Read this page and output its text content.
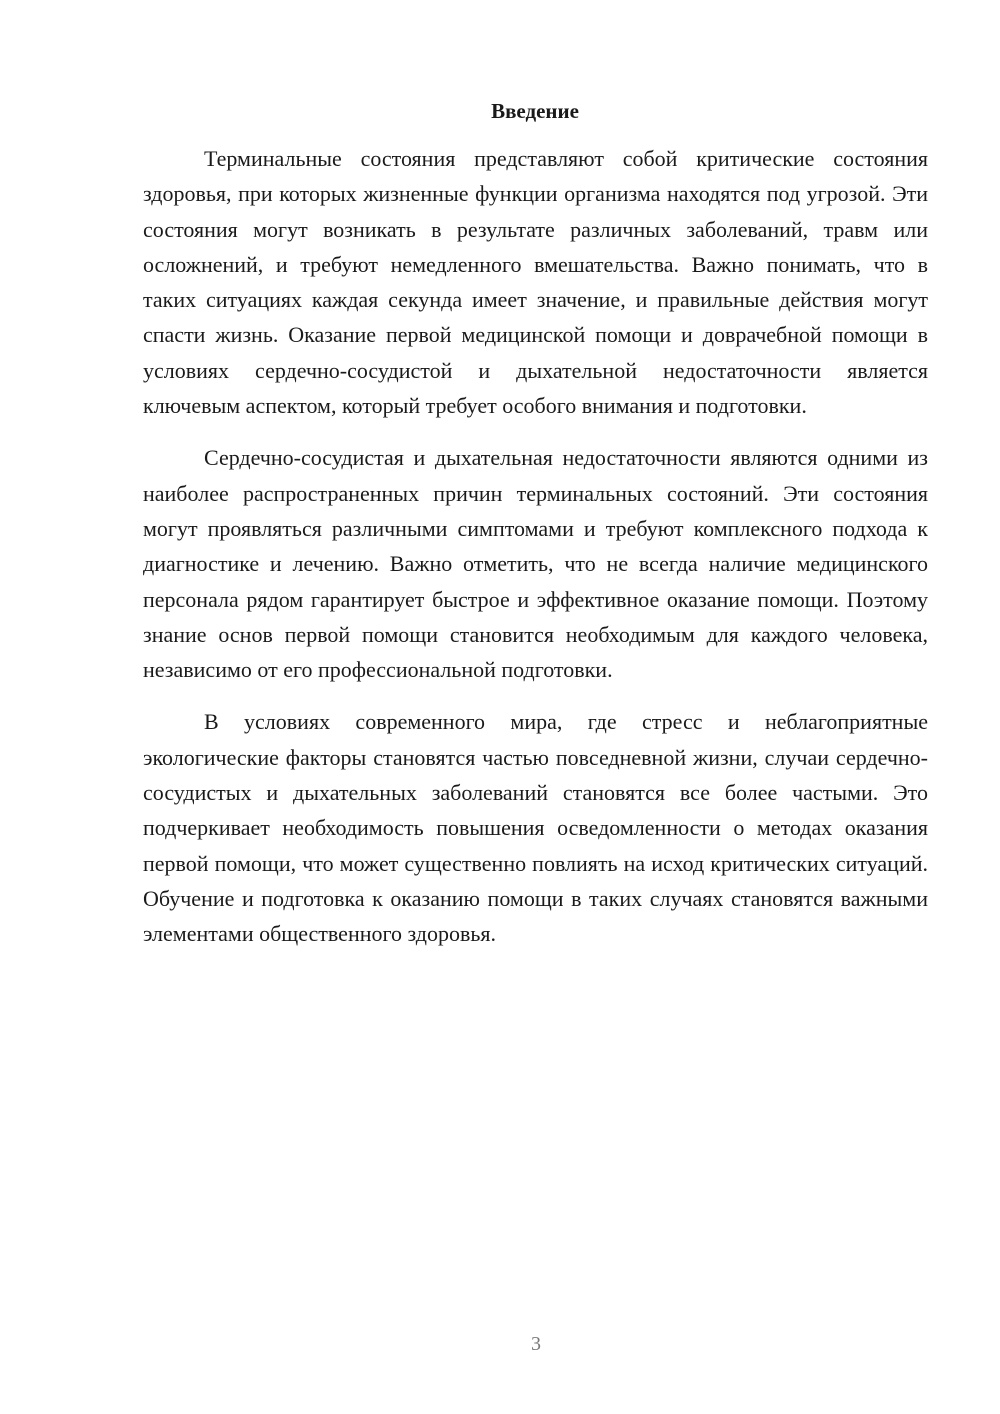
Введение

Терминальные состояния представляют собой критические состояния здоровья, при которых жизненные функции организма находятся под угрозой. Эти состояния могут возникать в результате различных заболеваний, травм или осложнений, и требуют немедленного вмешательства. Важно понимать, что в таких ситуациях каждая секунда имеет значение, и правильные действия могут спасти жизнь. Оказание первой медицинской помощи и доврачебной помощи в условиях сердечно-сосудистой и дыхательной недостаточности является ключевым аспектом, который требует особого внимания и подготовки.

Сердечно-сосудистая и дыхательная недостаточности являются одними из наиболее распространенных причин терминальных состояний. Эти состояния могут проявляться различными симптомами и требуют комплексного подхода к диагностике и лечению. Важно отметить, что не всегда наличие медицинского персонала рядом гарантирует быстрое и эффективное оказание помощи. Поэтому знание основ первой помощи становится необходимым для каждого человека, независимо от его профессиональной подготовки.

В условиях современного мира, где стресс и неблагоприятные экологические факторы становятся частью повседневной жизни, случаи сердечно-сосудистых и дыхательных заболеваний становятся все более частыми. Это подчеркивает необходимость повышения осведомленности о методах оказания первой помощи, что может существенно повлиять на исход критических ситуаций. Обучение и подготовка к оказанию помощи в таких случаях становятся важными элементами общественного здоровья.

3
